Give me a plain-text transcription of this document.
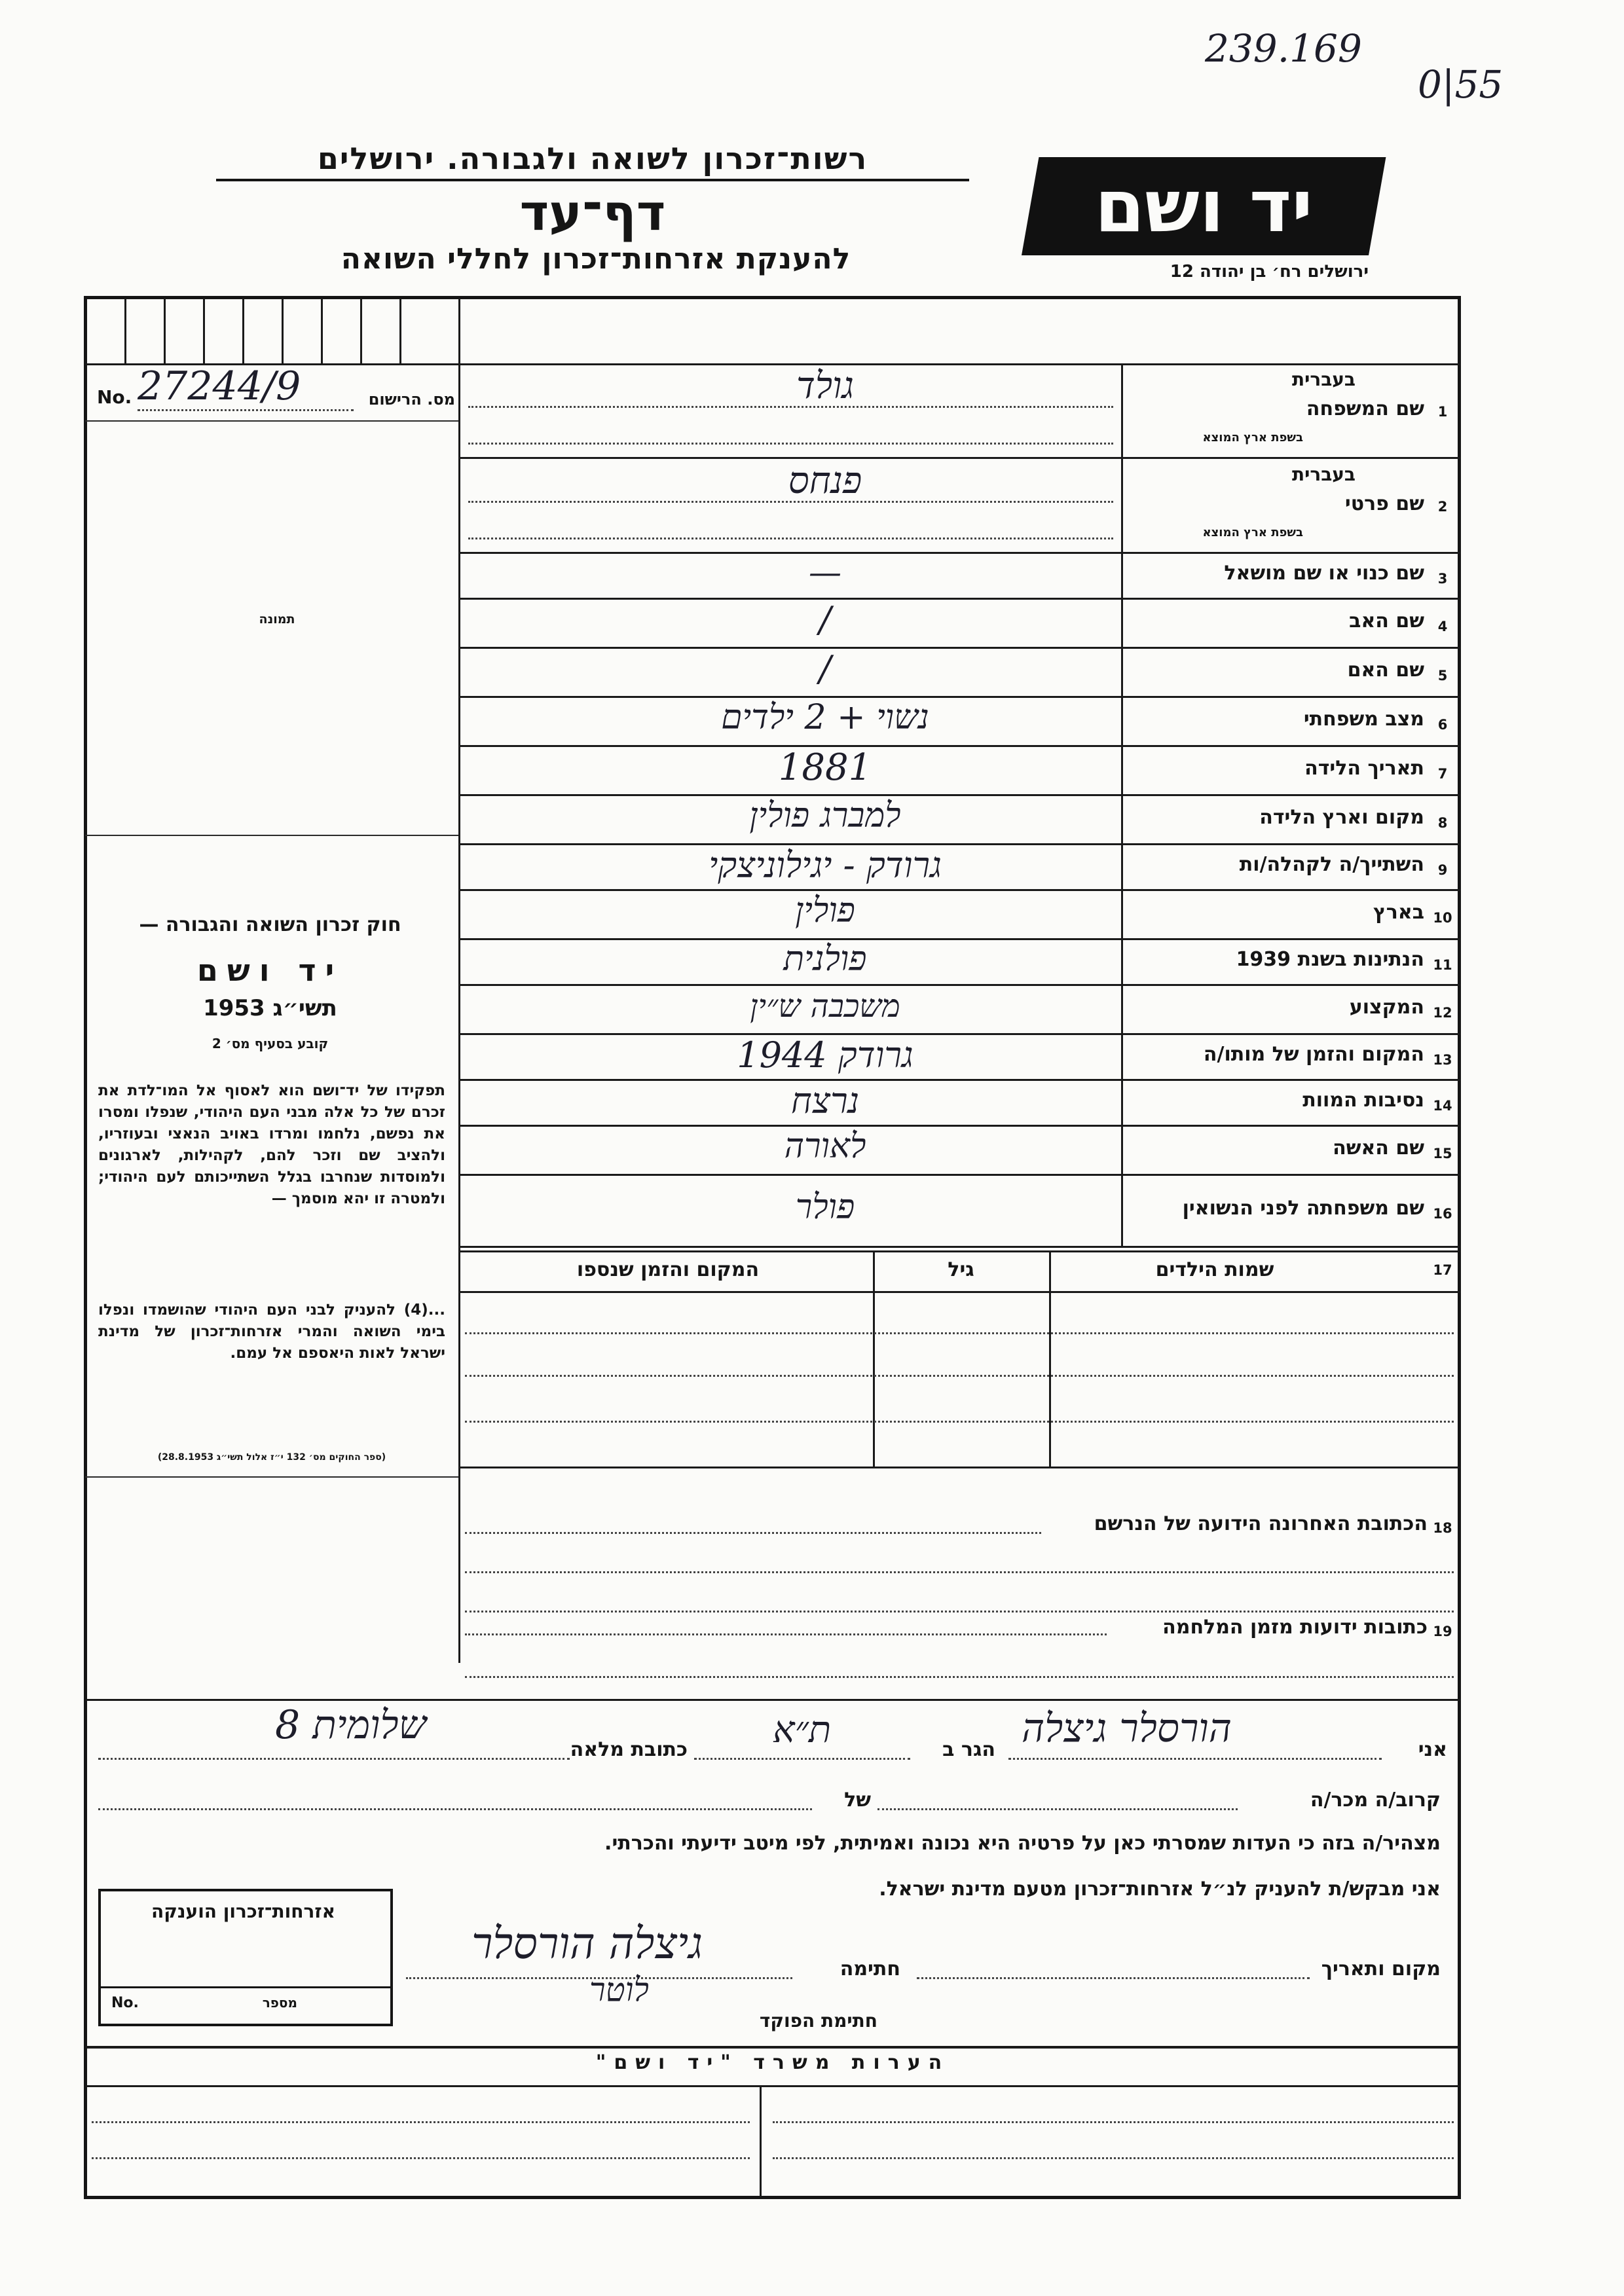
239.169
0|55
רשות־זכרון לשואה ולגבורה. ירושלים
דף־עד
להענקת אזרחות־זכרון לחללי השואה
יד ושם
ירושלים רח׳ בן יהודה 12
No. 27244/9	מס. הרישום
תמונה
חוק זכרון השואה והגבורה —
יד ושם
תשי״ג 1953
קובע בסעיף מס׳ 2
תפקידו של יד־ושם הוא לאסוף אל המו־לדת את זכרם של כל אלה מבני העם היהודי, שנפלו ומסרו את נפשם, נלחמו ומרדו באויב הנאצי ובעוזריו, ולהציב שם וזכר להם, לקהילות, לארגונים ולמוסדות שנחרבו בגלל השתייכותם לעם היהודי; ולמטרה זו יהא מוסמך —
...(4) להעניק לבני העם היהודי שהושמדו ונפלו בימי השואה והמרי אזרחות־זכרון של מדינת ישראל לאות היאספם אל עמם.
(ספר החוקים מס׳ 132 י״ז אלול תשי״ג 28.8.1953)
1
שם המשפחה
בעברית
בשפת ארץ המוצא
גולד
2
שם פרטי
בעברית
בשפת ארץ המוצא
פנחס
3
שם כנוי או שם מושאל
—
4
שם האב
/
5
שם האם
/
6
מצב משפחתי
נשוי + 2 ילדים
7
תאריך הלידה
1881
8
מקום וארץ הלידה
למברג פולין
9
השתייך/ה לקהלה/ות
גרודק - יגילוניצקי
10
בארץ
פולין
11
הנתינות בשנת 1939
פולנית
12
המקצוע
משכבה ש״ין
13
המקום והזמן של מותו/ה
גרודק 1944
14
נסיבות המוות
נרצח
15
שם האשה
לאורה
16
שם משפחתה לפני הנשואין
פולר
17
שמות הילדים
גיל
המקום והזמן שנספו
18
הכתובת האחרונה הידועה של הנרשם
19
כתובות ידועות מזמן המלחמה
אני
הורסלר גיצלה
הגר ב
ת״א
כתובת מלאה
שלומית 8
קרוב/ה מכר/ה
של
מצהיר/ה בזה כי העדות שמסרתי כאן על פרטיה היא נכונה ואמיתית, לפי מיטב ידיעתי והכרתי.
אני מבקש/ת להעניק לנ״ל אזרחות־זכרון מטעם מדינת ישראל.
מקום ותאריך
חתימה
גיצלה הורסלר
לוטר
חתימת הפוקד
אזרחות־זכרון הוענקה
No.	מספר
הערות משרד "יד ושם"
